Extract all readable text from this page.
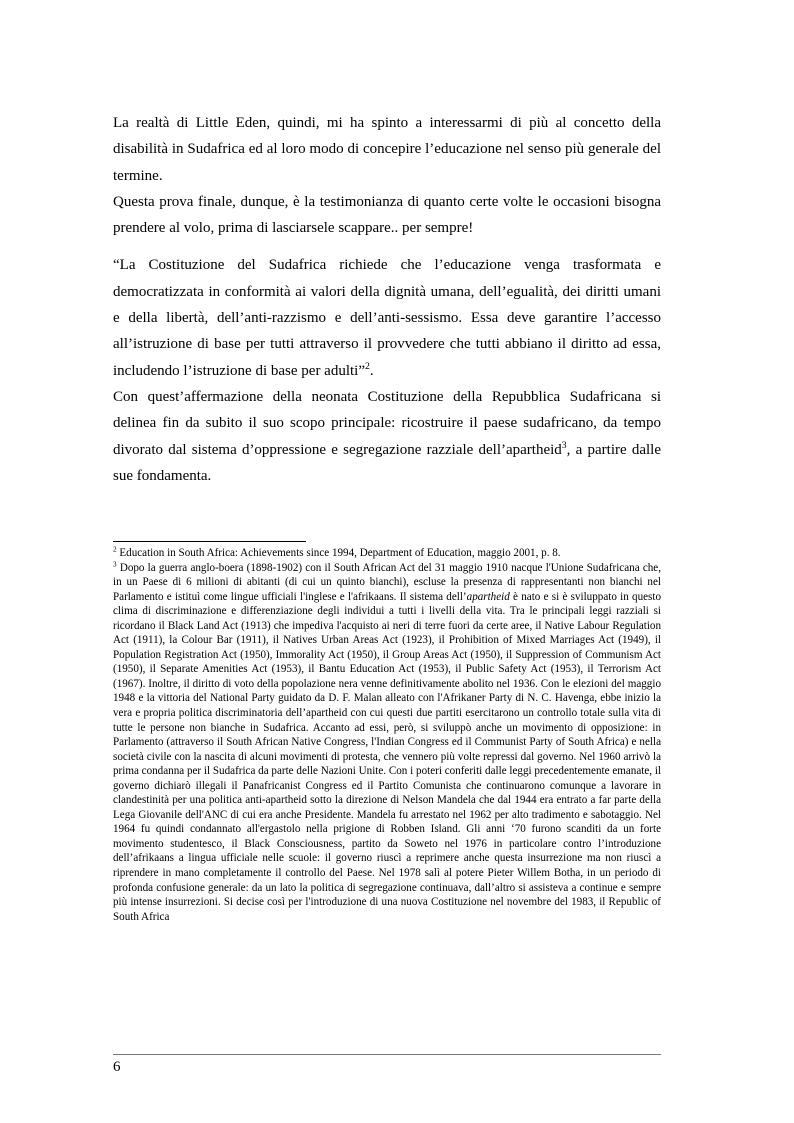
La realtà di Little Eden, quindi, mi ha spinto a interessarmi di più al concetto della disabilità in Sudafrica ed al loro modo di concepire l’educazione nel senso più generale del termine.

Questa prova finale, dunque, è la testimonianza di quanto certe volte le occasioni bisogna prendere al volo, prima di lasciarsele scappare.. per sempre!

“La Costituzione del Sudafrica richiede che l’educazione venga trasformata e democratizzata in conformità ai valori della dignità umana, dell’egualità, dei diritti umani e della libertà, dell’anti-razzismo e dell’anti-sessismo. Essa deve garantire l’accesso all’istruzione di base per tutti attraverso il provvedere che tutti abbiano il diritto ad essa, includendo l’istruzione di base per adulti”$^2$.

Con quest’affermazione della neonata Costituzione della Repubblica Sudafricana si delinea fin da subito il suo scopo principale: ricostruire il paese sudafricano, da tempo divorato dal sistema d’oppressione e segregazione razziale dell’apartheid$^3$, a partire dalle sue fondamenta.

$^2$ Education in South Africa: Achievements since 1994, Department of Education, maggio 2001, p. 8.

$^3$ Dopo la guerra anglo-boera (1898-1902) con il South African Act del 31 maggio 1910 nacque l'Unione Sudafricana che, in un Paese di 6 milioni di abitanti (di cui un quinto bianchi), escluse la presenza di rappresentanti non bianchi nel Parlamento e istituì come lingue ufficiali l'inglese e l'afrikaans. Il sistema dell’apartheid è nato e si è sviluppato in questo clima di discriminazione e differenziazione degli individui a tutti i livelli della vita. Tra le principali leggi razziali si ricordano il Black Land Act (1913) che impediva l'acquisto ai neri di terre fuori da certe aree, il Native Labour Regulation Act (1911), la Colour Bar (1911), il Natives Urban Areas Act (1923), il Prohibition of Mixed Marriages Act (1949), il Population Registration Act (1950), Immorality Act (1950), il Group Areas Act (1950), il Suppression of Communism Act (1950), il Separate Amenities Act (1953), il Bantu Education Act (1953), il Public Safety Act (1953), il Terrorism Act (1967). Inoltre, il diritto di voto della popolazione nera venne definitivamente abolito nel 1936. Con le elezioni del maggio 1948 e la vittoria del National Party guidato da D. F. Malan alleato con l'Afrikaner Party di N. C. Havenga, ebbe inizio la vera e propria politica discriminatoria dell’apartheid con cui questi due partiti esercitarono un controllo totale sulla vita di tutte le persone non bianche in Sudafrica. Accanto ad essi, però, si sviluppò anche un movimento di opposizione: in Parlamento (attraverso il South African Native Congress, l'Indian Congress ed il Communist Party of South Africa) e nella società civile con la nascita di alcuni movimenti di protesta, che vennero più volte repressi dal governo. Nel 1960 arrivò la prima condanna per il Sudafrica da parte delle Nazioni Unite. Con i poteri conferiti dalle leggi precedentemente emanate, il governo dichiarò illegali il Panafricanist Congress ed il Partito Comunista che continuarono comunque a lavorare in clandestinità per una politica anti-apartheid sotto la direzione di Nelson Mandela che dal 1944 era entrato a far parte della Lega Giovanile dell'ANC di cui era anche Presidente. Mandela fu arrestato nel 1962 per alto tradimento e sabotaggio. Nel 1964 fu quindi condannato all'ergastolo nella prigione di Robben Island. Gli anni ‘70 furono scanditi da un forte movimento studentesco, il Black Consciousness, partito da Soweto nel 1976 in particolare contro l’introduzione dell’afrikaans a lingua ufficiale nelle scuole: il governo riuscì a reprimere anche questa insurrezione ma non riuscì a riprendere in mano completamente il controllo del Paese. Nel 1978 salì al potere Pieter Willem Botha, in un periodo di profonda confusione generale: da un lato la politica di segregazione continuava, dall’altro si assisteva a continue e sempre più intense insurrezioni. Si decise così per l'introduzione di una nuova Costituzione nel novembre del 1983, il Republic of South Africa

6
